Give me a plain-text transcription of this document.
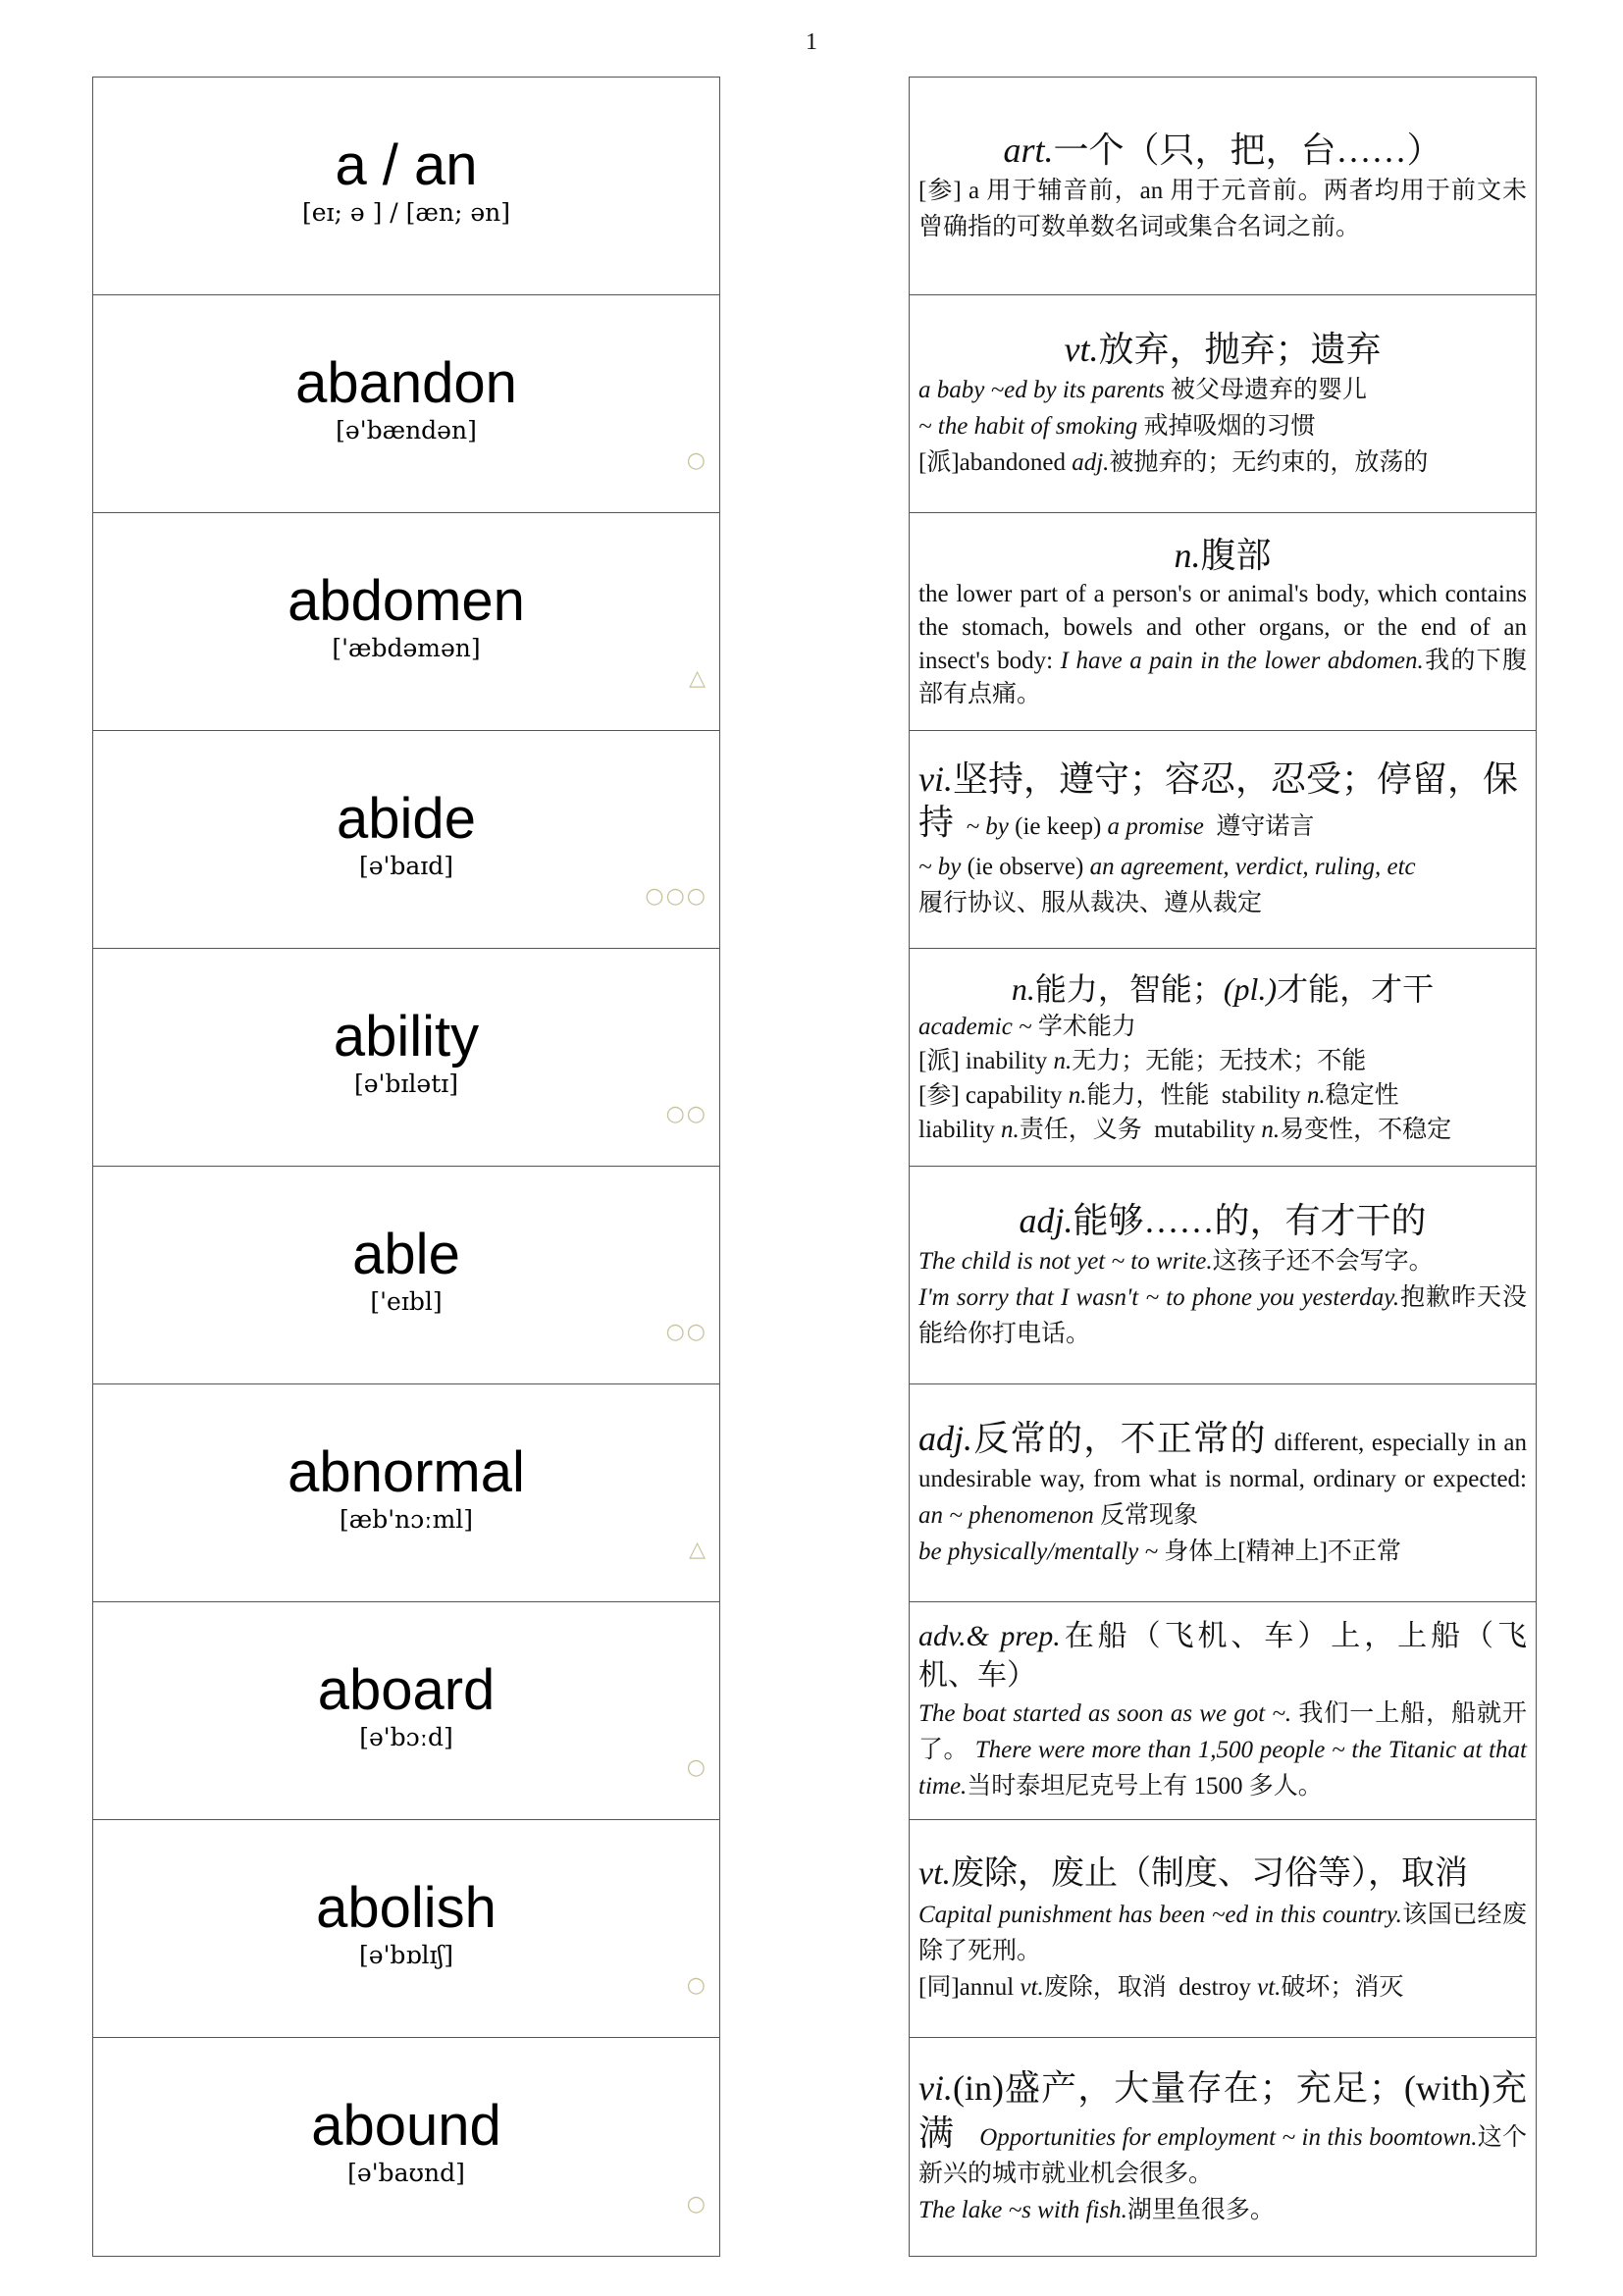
1
a / an
[eɪ; ə ] / [æn; ən]
abandon
[ə'bændən]
○
abdomen
['æbdəmən]
△
abide
[ə'baɪd]
○○○
ability
[ə'bɪlətɪ]
○○
able
['eɪbl]
○○
abnormal
[æb'nɔːml]
△
aboard
[ə'bɔːd]
○
abolish
[ə'bɒlɪʃ]
○
abound
[ə'baʊnd]
○
art.一个（只，把，台……）
[参] a 用于辅音前，an 用于元音前。两者均用于前文未曾确指的可数单数名词或集合名词之前。
vt.放弃，抛弃；遗弃
a baby ~ed by its parents 被父母遗弃的婴儿
~ the habit of smoking 戒掉吸烟的习惯
[派]abandoned adj.被抛弃的；无约束的，放荡的
n.腹部
the lower part of a person's or animal's body, which contains the stomach, bowels and other organs, or the end of an insect's body: I have a pain in the lower abdomen.我的下腹部有点痛。
vi.坚持，遵守；容忍，忍受；停留，保持 ~ by (ie keep) a promise 遵守诺言
~ by (ie observe) an agreement, verdict, ruling, etc
履行协议、服从裁决、遵从裁定
n.能力，智能；(pl.)才能，才干
academic ~ 学术能力
[派] inability n.无力；无能；无技术；不能
[参] capability n.能力，性能 stability n.稳定性
liability n.责任，义务 mutability n.易变性，不稳定
adj.能够……的，有才干的
The child is not yet ~ to write.这孩子还不会写字。
I'm sorry that I wasn't ~ to phone you yesterday.抱歉昨天没能给你打电话。
adj.反常的，不正常的 different, especially in an undesirable way, from what is normal, ordinary or expected: an ~ phenomenon 反常现象
be physically/mentally ~ 身体上[精神上]不正常
adv.& prep.在船（飞机、车）上，上船（飞机、车）
The boat started as soon as we got ~. 我们一上船，船就开了。 There were more than 1,500 people ~ the Titanic at that time.当时泰坦尼克号上有 1500 多人。
vt.废除，废止（制度、习俗等），取消
Capital punishment has been ~ed in this country.该国已经废除了死刑。
[同]annul vt.废除，取消 destroy vt.破坏；消灭
vi.(in)盛产，大量存在；充足；(with)充满 Opportunities for employment ~ in this boomtown.这个新兴的城市就业机会很多。
The lake ~s with fish.湖里鱼很多。
